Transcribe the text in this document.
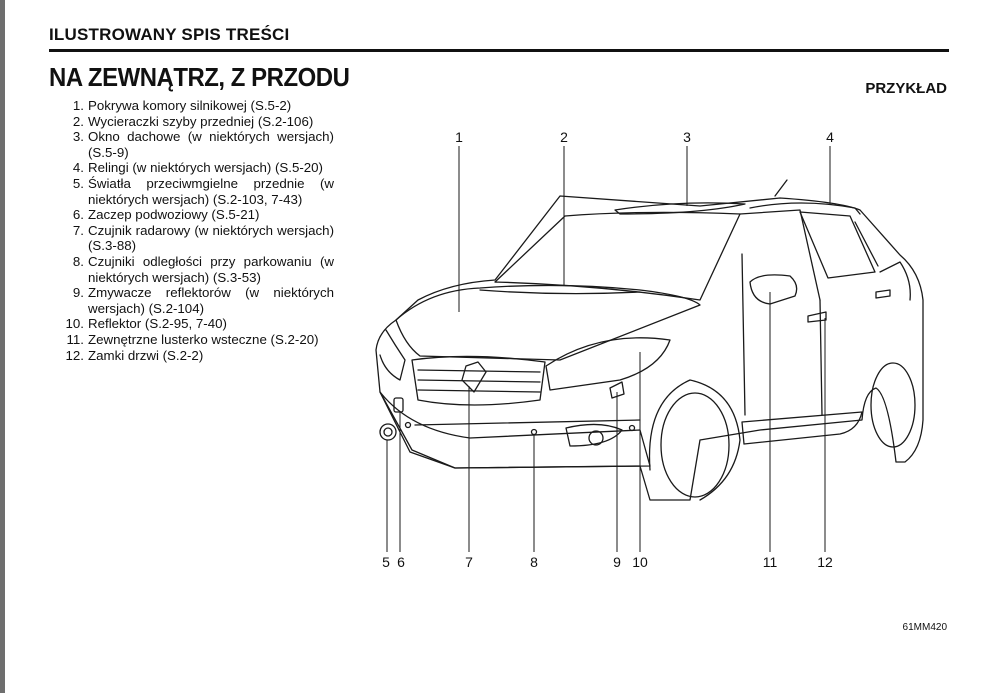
ILUSTROWANY SPIS TREŚCI
NA ZEWNĄTRZ, Z PRZODU	PRZYKŁAD
1. Pokrywa komory silnikowej (S.5-2)
2. Wycieraczki szyby przedniej (S.2-106)
3. Okno dachowe (w niektórych wersjach) (S.5-9)
4. Relingi (w niektórych wersjach) (S.5-20)
5. Światła przeciwmgielne przednie (w niektórych wersjach) (S.2-103, 7-43)
6. Zaczep podwoziowy (S.5-21)
7. Czujnik radarowy (w niektórych wersjach) (S.3-88)
8. Czujniki odległości przy parkowaniu (w niektórych wersjach) (S.3-53)
9. Zmywacze reflektorów (w niektórych wersjach) (S.2-104)
10. Reflektor (S.2-95, 7-40)
11. Zewnętrzne lusterko wsteczne (S.2-20)
12. Zamki drzwi (S.2-2)
1	2	3	4
5 6	7	8	9 10	11	12
61MM420
